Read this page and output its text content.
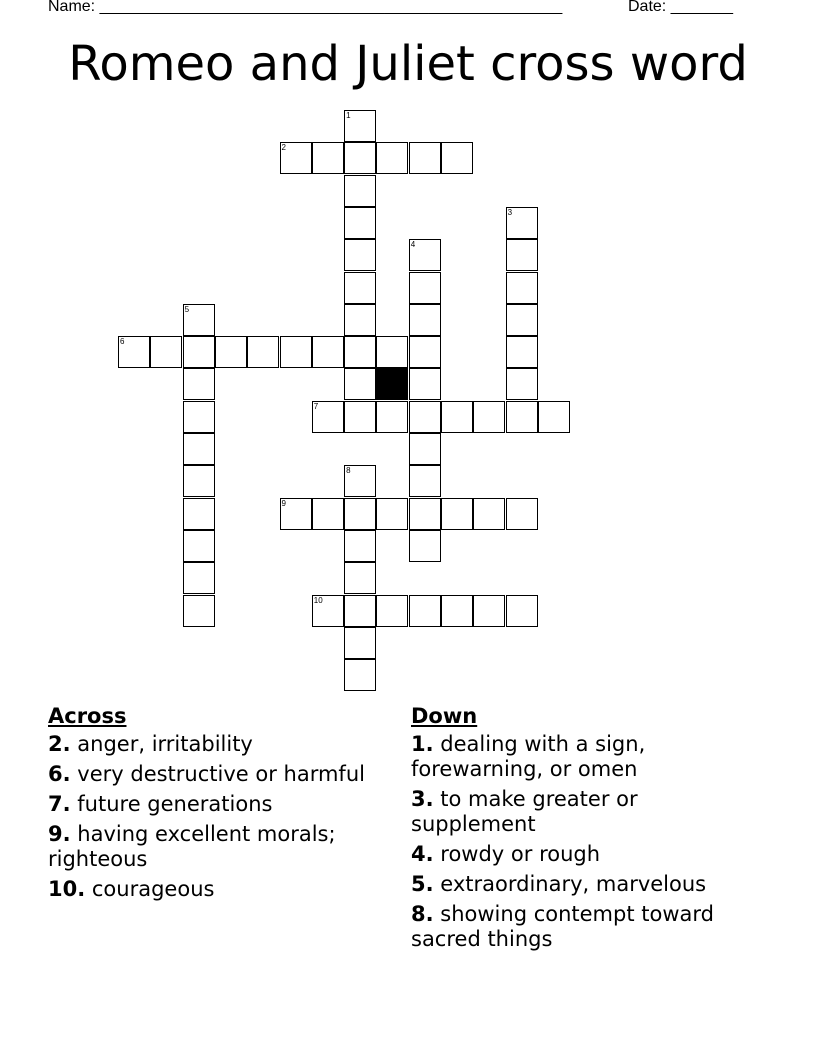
Name: ____________________________________________________	Date: _______
Romeo and Juliet cross word
1
2
3
4
5
6
7
8
9
10
Across
2. anger, irritability
6. very destructive or harmful
7. future generations
9. having excellent morals; righteous
10. courageous
Down
1. dealing with a sign, forewarning, or omen
3. to make greater or supplement
4. rowdy or rough
5. extraordinary, marvelous
8. showing contempt toward sacred things
